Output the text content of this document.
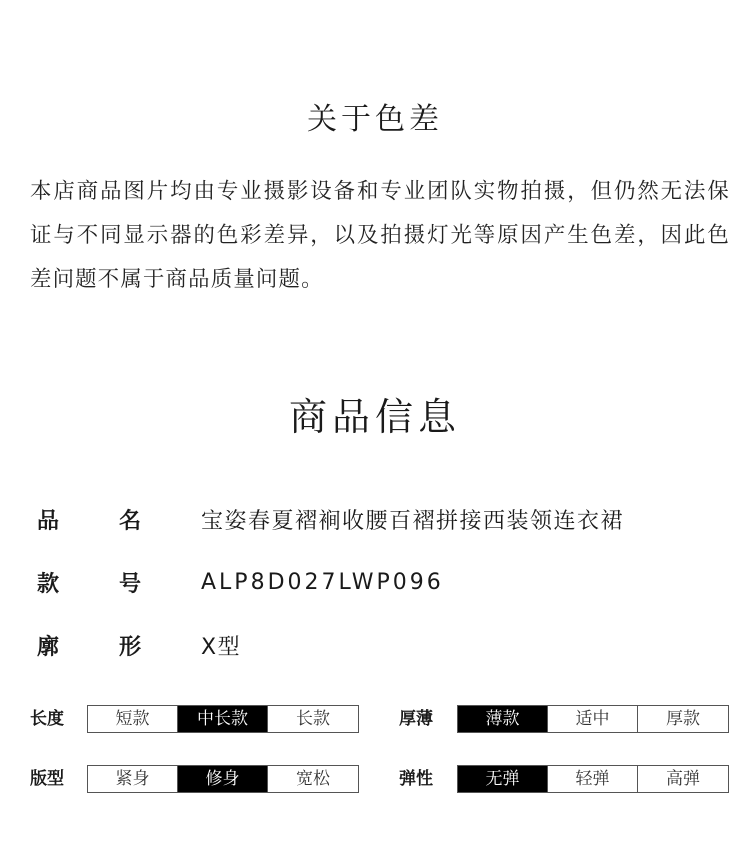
关于色差

本店商品图片均由专业摄影设备和专业团队实物拍摄，但仍然无法保证与不同显示器的色彩差异，以及拍摄灯光等原因产生色差，因此色差问题不属于商品质量问题。

商品信息
品	名	宝姿春夏褶裥收腰百褶拼接西装领连衣裙
款	号	ALP8D027LWP096
廓	形	X型
长度	短款	中长款	长款	厚薄	薄款	适中	厚款
版型	紧身	修身	宽松	弹性	无弹	轻弹	高弹
